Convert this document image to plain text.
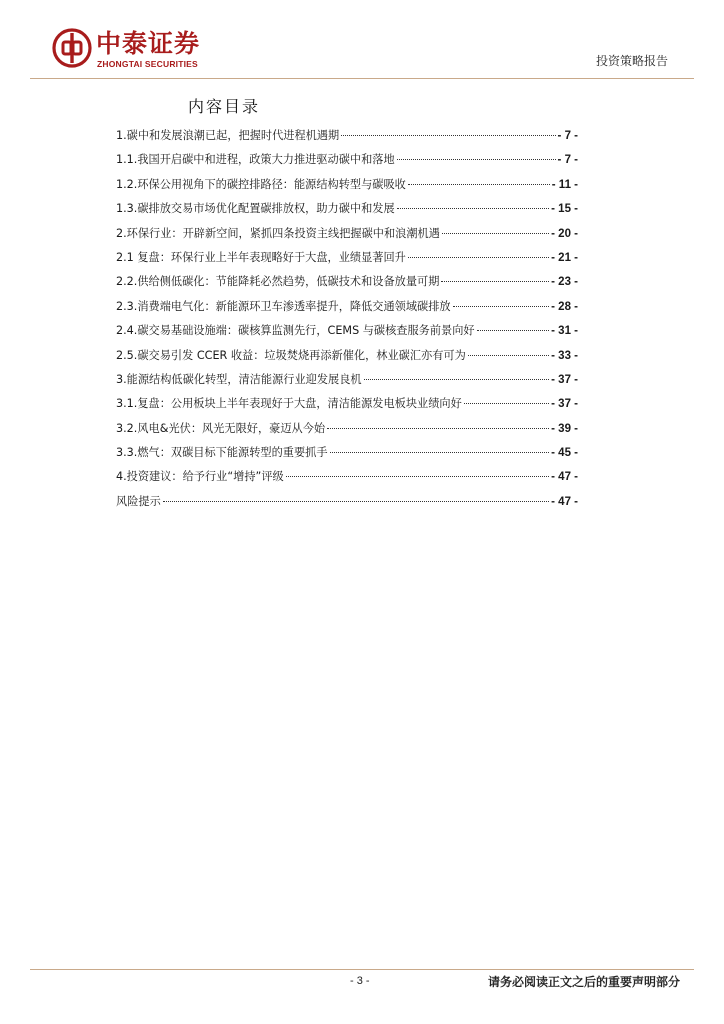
中泰证券
ZHONGTAI SECURITIES	投资策略报告
内容目录
1.碳中和发展浪潮已起，把握时代进程机遇期	- 7 -
1.1.我国开启碳中和进程，政策大力推进驱动碳中和落地	- 7 -
1.2.环保公用视角下的碳控排路径：能源结构转型与碳吸收	- 11 -
1.3.碳排放交易市场优化配置碳排放权，助力碳中和发展	- 15 -
2.环保行业：开辟新空间，紧抓四条投资主线把握碳中和浪潮机遇	- 20 -
2.1 复盘：环保行业上半年表现略好于大盘，业绩显著回升	- 21 -
2.2.供给侧低碳化：节能降耗必然趋势，低碳技术和设备放量可期	- 23 -
2.3.消费端电气化：新能源环卫车渗透率提升，降低交通领域碳排放	- 28 -
2.4.碳交易基础设施端：碳核算监测先行，CEMS 与碳核查服务前景向好	- 31 -
2.5.碳交易引发 CCER 收益：垃圾焚烧再添新催化，林业碳汇亦有可为	- 33 -
3.能源结构低碳化转型，清洁能源行业迎发展良机	- 37 -
3.1.复盘：公用板块上半年表现好于大盘，清洁能源发电板块业绩向好	- 37 -
3.2.风电&光伏：风光无限好，豪迈从今始	- 39 -
3.3.燃气：双碳目标下能源转型的重要抓手	- 45 -
4.投资建议：给予行业“增持”评级	- 47 -
风险提示	- 47 -
- 3 -	请务必阅读正文之后的重要声明部分
